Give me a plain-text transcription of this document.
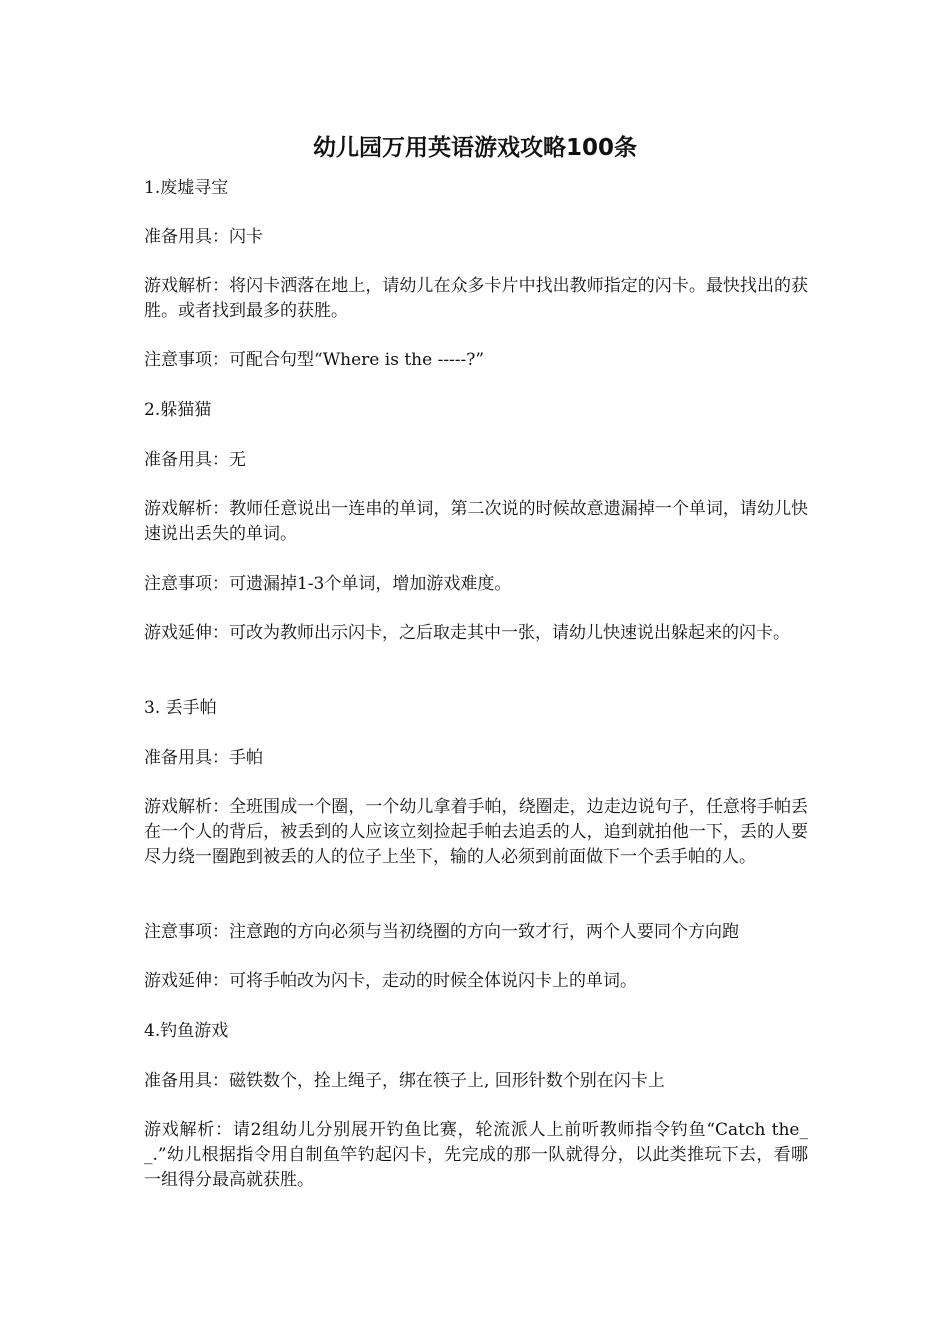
幼儿园万用英语游戏攻略100条

1.废墟寻宝

准备用具：闪卡

游戏解析：将闪卡洒落在地上，请幼儿在众多卡片中找出教师指定的闪卡。最快找出的获胜。或者找到最多的获胜。

注意事项：可配合句型“Where is the -----?”

2.躲猫猫

准备用具：无

游戏解析：教师任意说出一连串的单词，第二次说的时候故意遗漏掉一个单词，请幼儿快速说出丢失的单词。

注意事项：可遗漏掉1-3个单词，增加游戏难度。

游戏延伸：可改为教师出示闪卡，之后取走其中一张，请幼儿快速说出躲起来的闪卡。

3. 丢手帕

准备用具：手帕

游戏解析：全班围成一个圈，一个幼儿拿着手帕，绕圈走，边走边说句子，任意将手帕丢在一个人的背后，被丢到的人应该立刻捡起手帕去追丢的人，追到就拍他一下，丢的人要尽力绕一圈跑到被丢的人的位子上坐下，输的人必须到前面做下一个丢手帕的人。

注意事项：注意跑的方向必须与当初绕圈的方向一致才行，两个人要同个方向跑

游戏延伸：可将手帕改为闪卡，走动的时候全体说闪卡上的单词。

4.钓鱼游戏

准备用具：磁铁数个，拴上绳子，绑在筷子上, 回形针数个别在闪卡上

游戏解析：请2组幼儿分别展开钓鱼比赛，轮流派人上前听教师指令钓鱼“Catch the__.”幼儿根据指令用自制鱼竿钓起闪卡，先完成的那一队就得分，以此类推玩下去，看哪一组得分最高就获胜。
